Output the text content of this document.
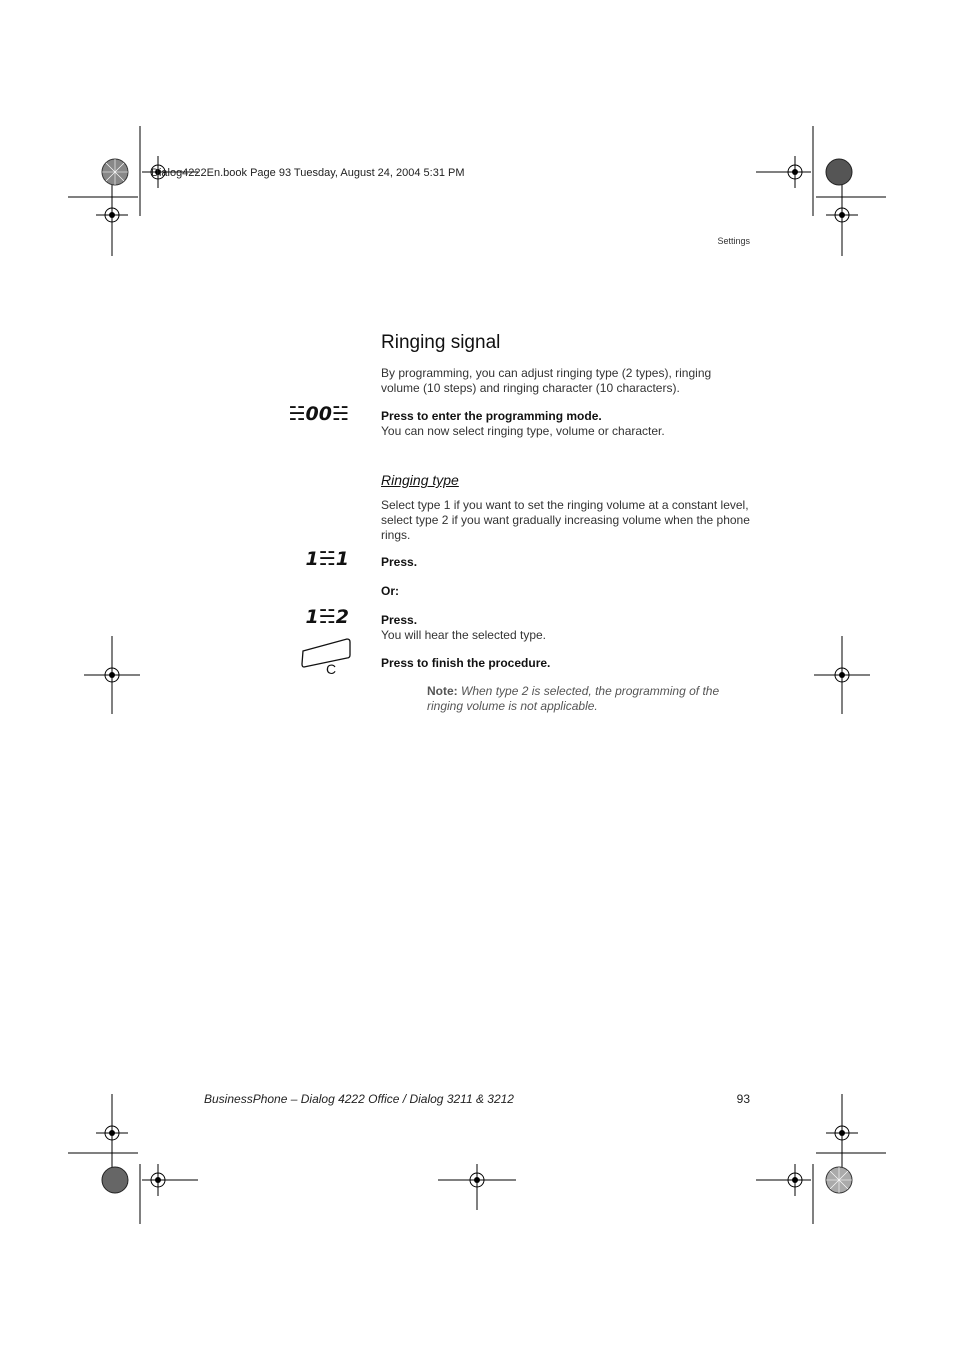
Dialog4222En.book Page 93 Tuesday, August 24, 2004 5:31 PM
Settings
Ringing signal
By programming, you can adjust ringing type (2 types), ringing volume (10 steps) and ringing character (10 characters).
☵00☵	Press to enter the programming mode.
You can now select ringing type, volume or character.
Ringing type
Select type 1 if you want to set the ringing volume at a constant level, select type 2 if you want gradually increasing volume when the phone rings.
1☵1	Press.
Or:
1☵2	Press.
You will hear the selected type.
C	Press to finish the procedure.
Note: When type 2 is selected, the programming of the ringing volume is not applicable.
BusinessPhone – Dialog 4222 Office / Dialog 3211 & 3212	93
